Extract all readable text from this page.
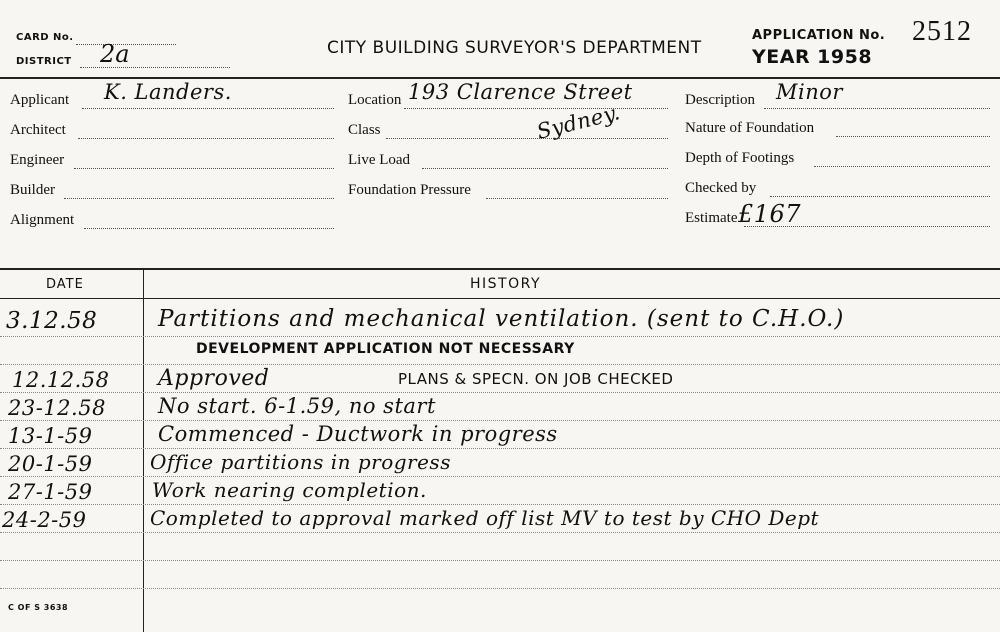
CARD No.
DISTRICT 2a	CITY BUILDING SURVEYOR'S DEPARTMENT
APPLICATION No. 2512
YEAR 1958
Applicant K. Landers.
Architect
Engineer
Builder
Alignment
Location 193 Clarence Street
Class	Sydney.
Live Load
Foundation Pressure
Description Minor
Nature of Foundation
Depth of Footings
Checked by
Estimate £167
DATE	HISTORY
3.12.58	Partitions and mechanical ventilation. (sent to C.H.O.)
DEVELOPMENT APPLICATION NOT NECESSARY
12.12.58 Approved	PLANS & SPECN. ON JOB CHECKED
23-12.58 No start. 6-1.59, no start
13-1-59	Commenced - Ductwork in progress
20-1-59	Office partitions in progress
27-1-59	Work nearing completion.
24-2-59	Completed to approval marked off list MV to test by CHO Dept
C OF S 3638
